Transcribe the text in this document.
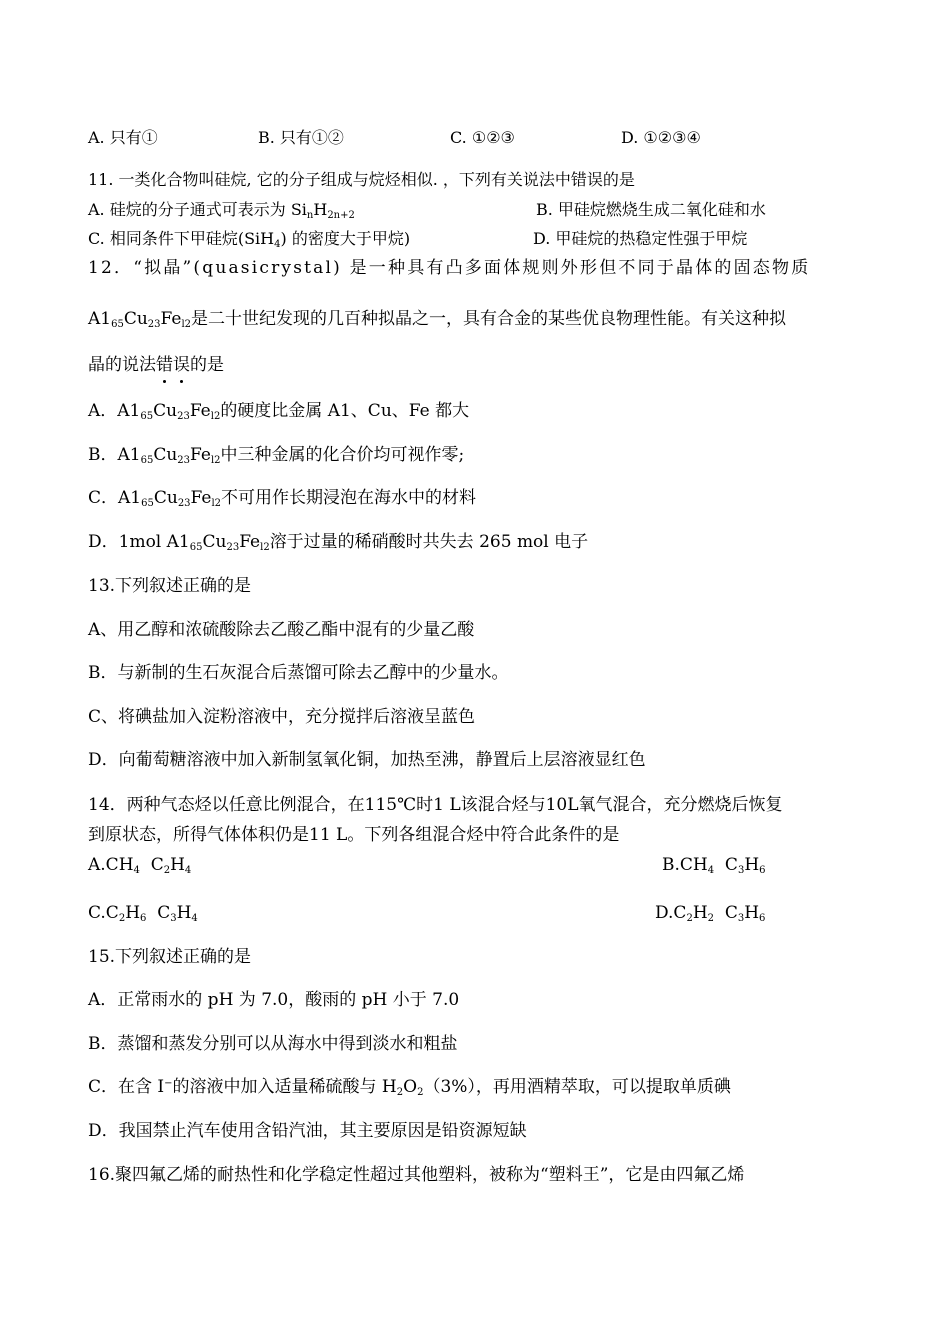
A. 只有①	B. 只有①②	C. ①②③	D. ①②③④
11. 一类化合物叫硅烷, 它的分子组成与烷烃相似. ，下列有关说法中错误的是
A. 硅烷的分子通式可表示为 $Si_nH_{2n+2}$	B. 甲硅烷燃烧生成二氧化硅和水
C. 相同条件下甲硅烷(SiH$_4$) 的密度大于甲烷)	D. 甲硅烷的热稳定性强于甲烷
12．“拟晶”(quasicrystal) 是一种具有凸多面体规则外形但不同于晶体的固态物质
$A1_{65}Cu_{23}Fe_{l2}$是二十世纪发现的几百种拟晶之一，具有合金的某些优良物理性能。有关这种拟
晶的说法错误的是
A．$A1_{65}Cu_{23}Fe_{l2}$的硬度比金属 A1、Cu、Fe 都大
B．$A1_{65}Cu_{23}Fe_{l2}$中三种金属的化合价均可视作零;
C．$A1_{65}Cu_{23}Fe_{l2}$不可用作长期浸泡在海水中的材料
D．1mol $A1_{65}Cu_{23}Fe_{l2}$溶于过量的稀硝酸时共失去 265 mol 电子
13.下列叙述正确的是
A、用乙醇和浓硫酸除去乙酸乙酯中混有的少量乙酸
B．与新制的生石灰混合后蒸馏可除去乙醇中的少量水。
C、将碘盐加入淀粉溶液中，充分搅拌后溶液呈蓝色
D．向葡萄糖溶液中加入新制氢氧化铜，加热至沸，静置后上层溶液显红色
14．两种气态烃以任意比例混合，在115℃时1 L该混合烃与10L氧气混合，充分燃烧后恢复
到原状态，所得气体体积仍是11 L。下列各组混合烃中符合此条件的是
$A.CH_4$  $C_2H_4$	$B.CH_4$  $C_3H_6$
$C.C_2H_6$  $C_3H_4$	$D.C_2H_2$  $C_3H_6$
15.下列叙述正确的是
A．正常雨水的 pH 为 7.0，酸雨的 pH 小于 7.0
B．蒸馏和蒸发分别可以从海水中得到淡水和粗盐
C．在含 I−的溶液中加入适量稀硫酸与 $H_2O_2(3\%)$，再用酒精萃取，可以提取单质碘
D．我国禁止汽车使用含铅汽油，其主要原因是铅资源短缺
16.聚四氟乙烯的耐热性和化学稳定性超过其他塑料，被称为“塑料王”，它是由四氟乙烯
